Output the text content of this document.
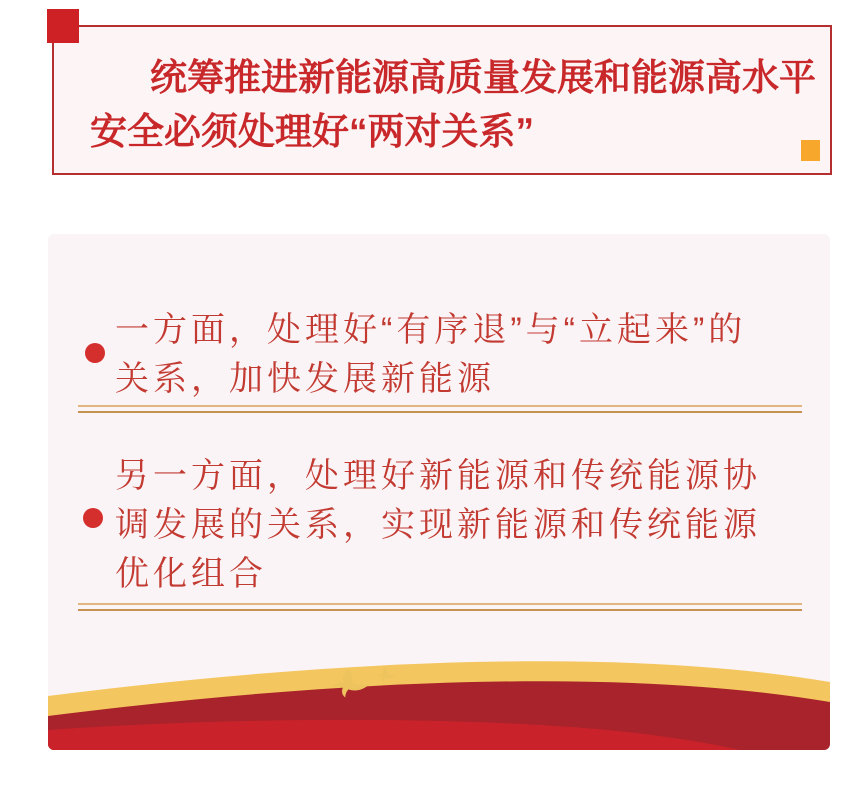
统筹推进新能源高质量发展和能源高水平
安全必须处理好“两对关系”
一方面，处理好“有序退”与“立起来”的
关系，加快发展新能源
另一方面，处理好新能源和传统能源协
调发展的关系，实现新能源和传统能源
优化组合
